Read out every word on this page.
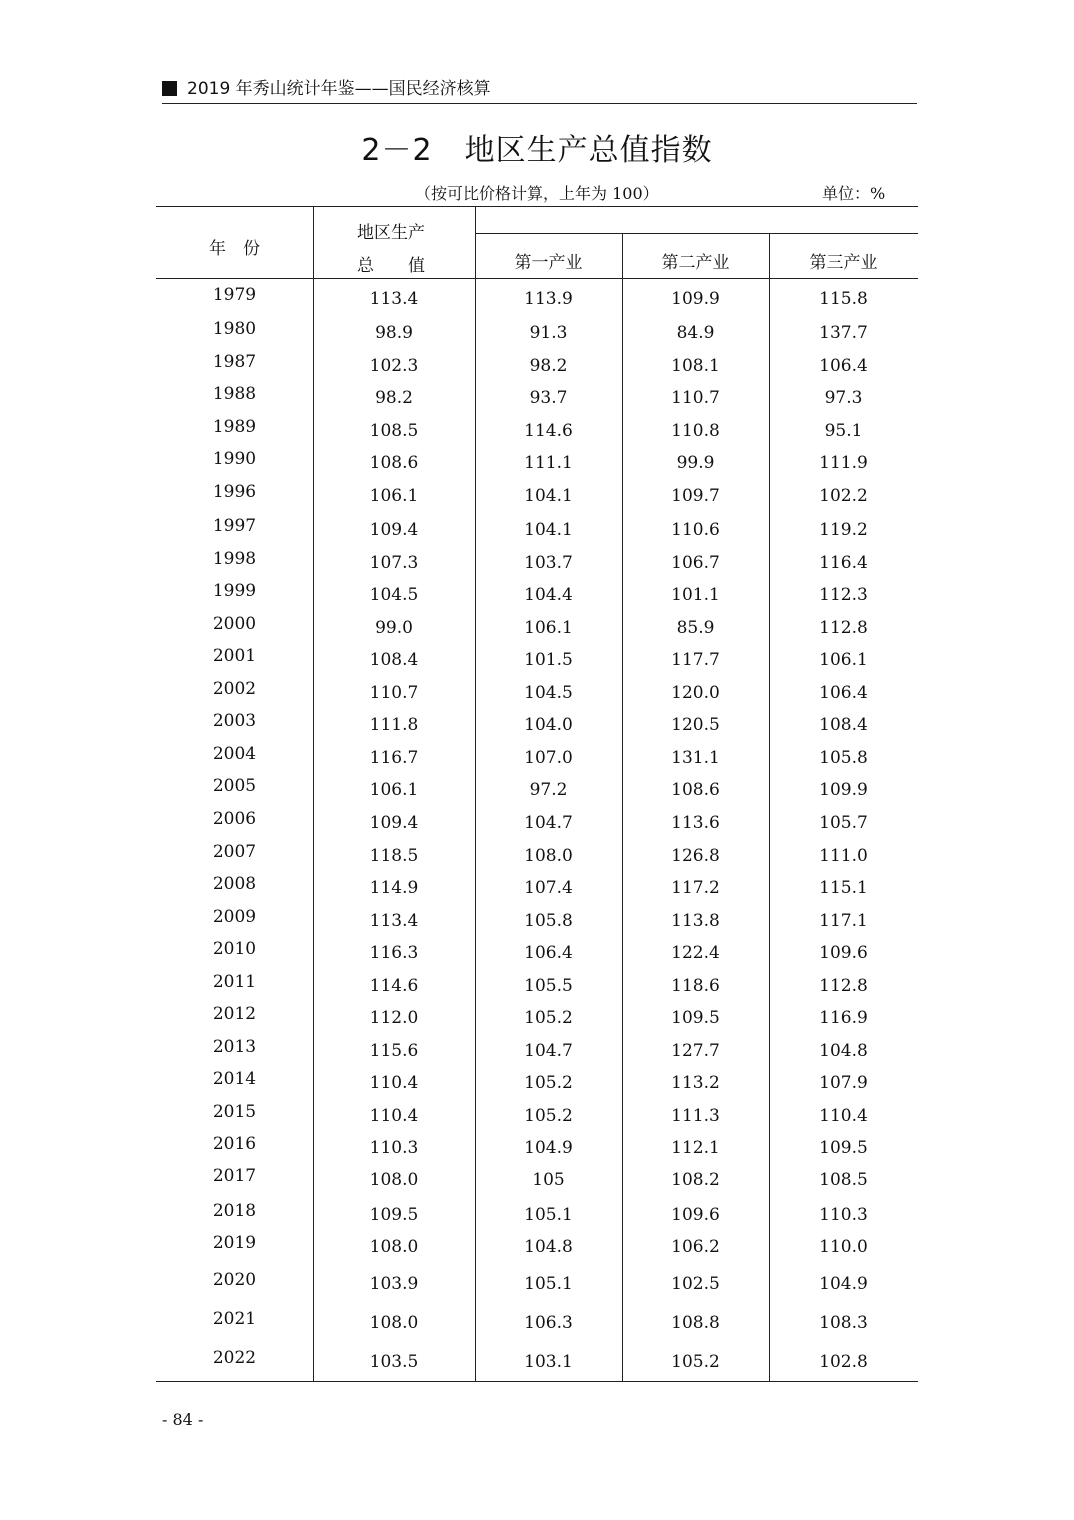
2019 年秀山统计年鉴——国民经济核算
2－2 地区生产总值指数
（按可比价格计算，上年为 100）	单位：%
年　份
地区生产
总　　值	第一产业	第二产业	第三产业
1979	113.4	113.9	109.9	115.8
1980	98.9	91.3	84.9	137.7
1987	102.3	98.2	108.1	106.4
1988	98.2	93.7	110.7	97.3
1989	108.5	114.6	110.8	95.1
1990	108.6	111.1	99.9	111.9
1996	106.1	104.1	109.7	102.2
1997	109.4	104.1	110.6	119.2
1998	107.3	103.7	106.7	116.4
1999	104.5	104.4	101.1	112.3
2000	99.0	106.1	85.9	112.8
2001	108.4	101.5	117.7	106.1
2002	110.7	104.5	120.0	106.4
2003	111.8	104.0	120.5	108.4
2004	116.7	107.0	131.1	105.8
2005	106.1	97.2	108.6	109.9
2006	109.4	104.7	113.6	105.7
2007	118.5	108.0	126.8	111.0
2008	114.9	107.4	117.2	115.1
2009	113.4	105.8	113.8	117.1
2010	116.3	106.4	122.4	109.6
2011	114.6	105.5	118.6	112.8
2012	112.0	105.2	109.5	116.9
2013	115.6	104.7	127.7	104.8
2014	110.4	105.2	113.2	107.9
2015	110.4	105.2	111.3	110.4
2016	110.3	104.9	112.1	109.5
2017	108.0	105	108.2	108.5
2018	109.5	105.1	109.6	110.3
2019	108.0	104.8	106.2	110.0
2020	103.9	105.1	102.5	104.9
2021	108.0	106.3	108.8	108.3
2022	103.5	103.1	105.2	102.8
- 84 -
